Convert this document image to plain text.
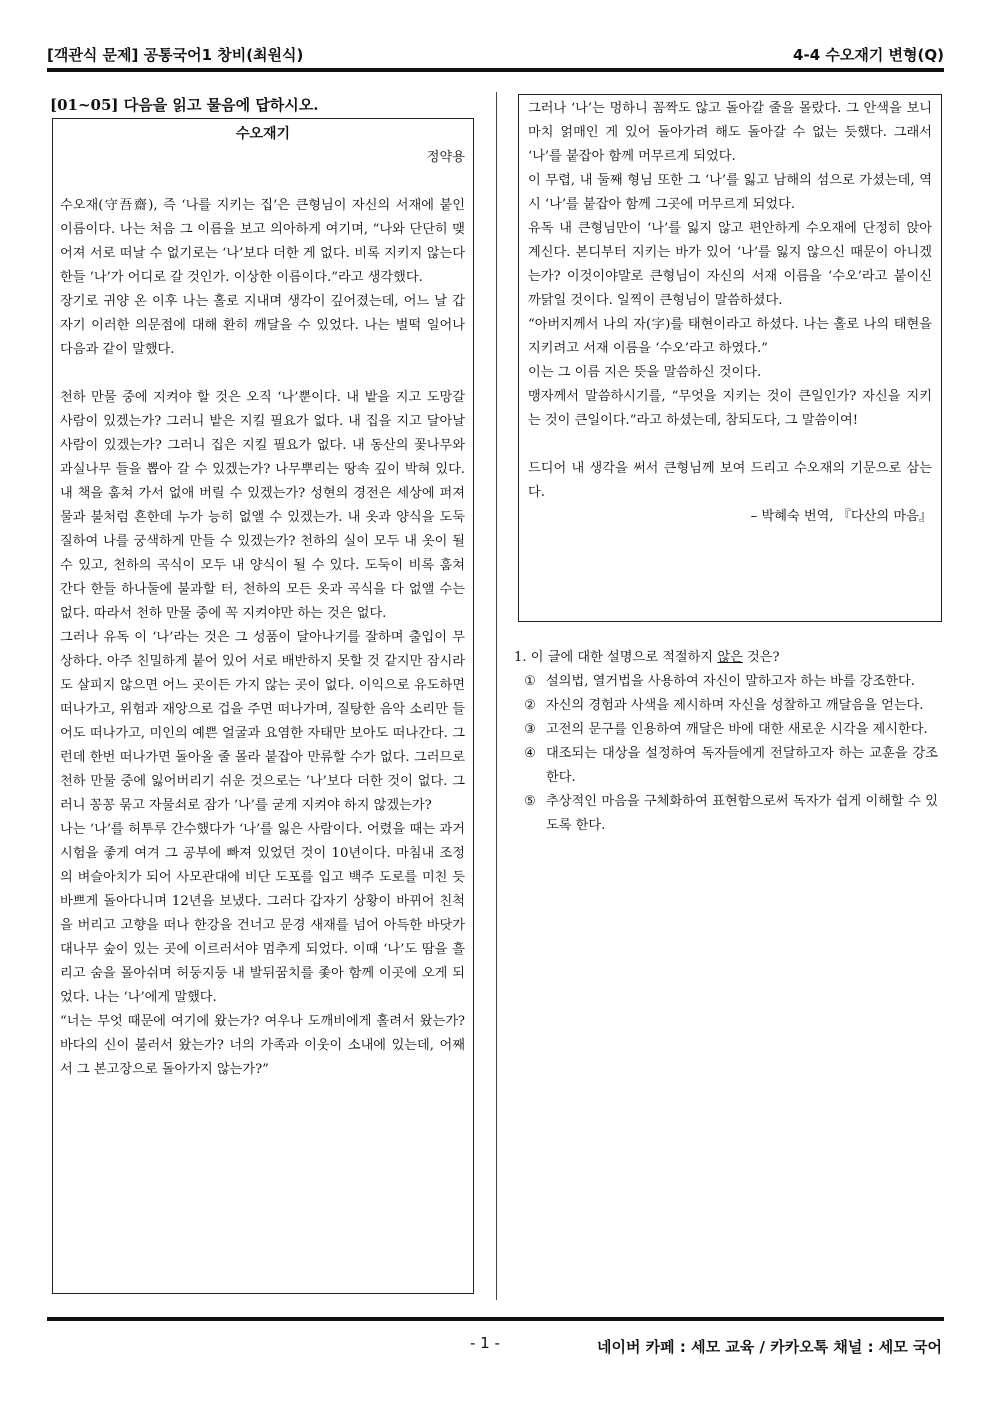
[객관식 문제] 공통국어1 창비(최원식)	4-4 수오재기 변형(Q)
[01~05] 다음을 읽고 물음에 답하시오.
수오재기
정약용

수오재(守吾齋), 즉 ‘나를 지키는 집’은 큰형님이 자신의 서재에 붙인 이름이다. 나는 처음 그 이름을 보고 의아하게 여기며, “나와 단단히 맺어져 서로 떠날 수 없기로는 ‘나’보다 더한 게 없다. 비록 지키지 않는다 한들 ‘나’가 어디로 갈 것인가. 이상한 이름이다.”라고 생각했다.

장기로 귀양 온 이후 나는 홀로 지내며 생각이 깊어졌는데, 어느 날 갑자기 이러한 의문점에 대해 환히 깨달을 수 있었다. 나는 벌떡 일어나 다음과 같이 말했다.

천하 만물 중에 지켜야 할 것은 오직 ‘나’뿐이다. 내 밭을 지고 도망갈 사람이 있겠는가? 그러니 밭은 지킬 필요가 없다. 내 집을 지고 달아날 사람이 있겠는가? 그러니 집은 지킬 필요가 없다. 내 동산의 꽃나무와 과실나무 들을 뽑아 갈 수 있겠는가? 나무뿌리는 땅속 깊이 박혀 있다. 내 책을 훔쳐 가서 없애 버릴 수 있겠는가? 성현의 경전은 세상에 퍼져 물과 불처럼 흔한데 누가 능히 없앨 수 있겠는가. 내 옷과 양식을 도둑질하여 나를 궁색하게 만들 수 있겠는가? 천하의 실이 모두 내 옷이 될 수 있고, 천하의 곡식이 모두 내 양식이 될 수 있다. 도둑이 비록 훔쳐 간다 한들 하나둘에 불과할 터, 천하의 모든 옷과 곡식을 다 없앨 수는 없다. 따라서 천하 만물 중에 꼭 지켜야만 하는 것은 없다.

그러나 유독 이 ‘나’라는 것은 그 성품이 달아나기를 잘하며 출입이 무상하다. 아주 친밀하게 붙어 있어 서로 배반하지 못할 것 같지만 잠시라도 살피지 않으면 어느 곳이든 가지 않는 곳이 없다. 이익으로 유도하면 떠나가고, 위험과 재앙으로 겁을 주면 떠나가며, 질탕한 음악 소리만 들어도 떠나가고, 미인의 예쁜 얼굴과 요염한 자태만 보아도 떠나간다. 그런데 한번 떠나가면 돌아올 줄 몰라 붙잡아 만류할 수가 없다. 그러므로 천하 만물 중에 잃어버리기 쉬운 것으로는 ‘나’보다 더한 것이 없다. 그러니 꽁꽁 묶고 자물쇠로 잠가 ‘나’를 굳게 지켜야 하지 않겠는가?

나는 ‘나’를 허투루 간수했다가 ‘나’를 잃은 사람이다. 어렸을 때는 과거 시험을 좋게 여겨 그 공부에 빠져 있었던 것이 10년이다. 마침내 조정의 벼슬아치가 되어 사모관대에 비단 도포를 입고 백주 도로를 미친 듯 바쁘게 돌아다니며 12년을 보냈다. 그러다 갑자기 상황이 바뀌어 친척을 버리고 고향을 떠나 한강을 건너고 문경 새재를 넘어 아득한 바닷가 대나무 숲이 있는 곳에 이르러서야 멈추게 되었다. 이때 ‘나’도 땀을 흘리고 숨을 몰아쉬며 허둥지둥 내 발뒤꿈치를 좇아 함께 이곳에 오게 되었다. 나는 ‘나’에게 말했다.

“너는 무엇 때문에 여기에 왔는가? 여우나 도깨비에게 홀려서 왔는가? 바다의 신이 불러서 왔는가? 너의 가족과 이웃이 소내에 있는데, 어째서 그 본고장으로 돌아가지 않는가?”

그러나 ‘나’는 멍하니 꼼짝도 않고 돌아갈 줄을 몰랐다. 그 안색을 보니 마치 얽매인 게 있어 돌아가려 해도 돌아갈 수 없는 듯했다. 그래서 ‘나’를 붙잡아 함께 머무르게 되었다.

이 무렵, 내 둘째 형님 또한 그 ‘나’를 잃고 남해의 섬으로 가셨는데, 역시 ‘나’를 붙잡아 함께 그곳에 머무르게 되었다.

유독 내 큰형님만이 ‘나’를 잃지 않고 편안하게 수오재에 단정히 앉아 계신다. 본디부터 지키는 바가 있어 ‘나’를 잃지 않으신 때문이 아니겠는가? 이것이야말로 큰형님이 자신의 서재 이름을 ‘수오’라고 붙이신 까닭일 것이다. 일찍이 큰형님이 말씀하셨다.

“아버지께서 나의 자(字)를 태현이라고 하셨다. 나는 홀로 나의 태현을 지키려고 서재 이름을 ‘수오’라고 하였다.”

이는 그 이름 지은 뜻을 말씀하신 것이다.

맹자께서 말씀하시기를, “무엇을 지키는 것이 큰일인가? 자신을 지키는 것이 큰일이다.”라고 하셨는데, 참되도다, 그 말씀이여!

드디어 내 생각을 써서 큰형님께 보여 드리고 수오재의 기문으로 삼는다.

– 박혜숙 번역, 『다산의 마음』

1. 이 글에 대한 설명으로 적절하지 않은 것은?

① 설의법, 열거법을 사용하여 자신이 말하고자 하는 바를 강조한다.
② 자신의 경험과 사색을 제시하며 자신을 성찰하고 깨달음을 얻는다.
③ 고전의 문구를 인용하여 깨달은 바에 대한 새로운 시각을 제시한다.
④ 대조되는 대상을 설정하여 독자들에게 전달하고자 하는 교훈을 강조한다.
⑤ 추상적인 마음을 구체화하여 표현함으로써 독자가 쉽게 이해할 수 있도록 한다.
- 1 -	네이버 카페 : 세모 교육 / 카카오톡 채널 : 세모 국어
